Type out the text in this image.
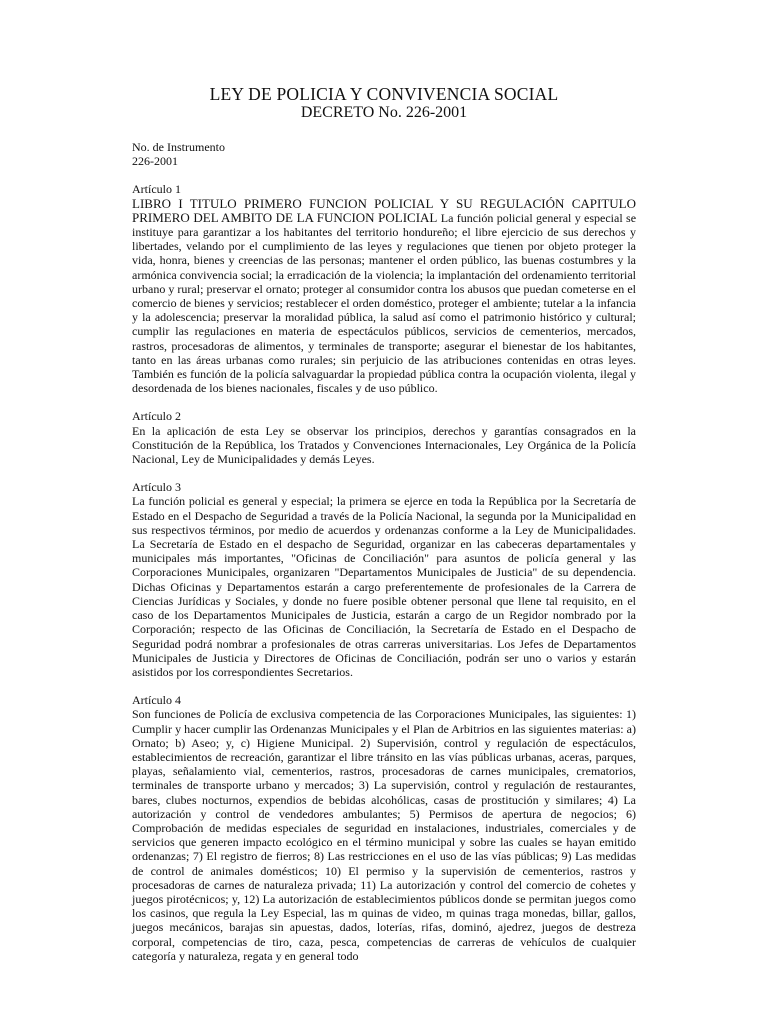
LEY DE POLICIA Y CONVIVENCIA SOCIAL
DECRETO No. 226-2001
No. de Instrumento
226-2001
Artículo 1
LIBRO I TITULO PRIMERO FUNCION POLICIAL Y SU REGULACIÓN CAPITULO PRIMERO DEL AMBITO DE LA FUNCION POLICIAL La función policial general y especial se instituye para garantizar a los habitantes del territorio hondureño; el libre ejercicio de sus derechos y libertades, velando por el cumplimiento de las leyes y regulaciones que tienen por objeto proteger la vida, honra, bienes y creencias de las personas; mantener el orden público, las buenas costumbres y la armónica convivencia social; la erradicación de la violencia; la implantación del ordenamiento territorial urbano y rural; preservar el ornato; proteger al consumidor contra los abusos que puedan cometerse en el comercio de bienes y servicios; restablecer el orden doméstico, proteger el ambiente; tutelar a la infancia y la adolescencia; preservar la moralidad pública, la salud así como el patrimonio histórico y cultural; cumplir las regulaciones en materia de espectáculos públicos, servicios de cementerios, mercados, rastros, procesadoras de alimentos, y terminales de transporte; asegurar el bienestar de los habitantes, tanto en las áreas urbanas como rurales; sin perjuicio de las atribuciones contenidas en otras leyes. También es función de la policía salvaguardar la propiedad pública contra la ocupación violenta, ilegal y desordenada de los bienes nacionales, fiscales y de uso público.
Artículo 2
En la aplicación de esta Ley se observar los principios, derechos y garantías consagrados en la Constitución de la República, los Tratados y Convenciones Internacionales, Ley Orgánica de la Policía Nacional, Ley de Municipalidades y demás Leyes.
Artículo 3
La función policial es general y especial; la primera se ejerce en toda la República por la Secretaría de Estado en el Despacho de Seguridad a través de la Policía Nacional, la segunda por la Municipalidad en sus respectivos términos, por medio de acuerdos y ordenanzas conforme a la Ley de Municipalidades. La Secretaría de Estado en el despacho de Seguridad, organizar en las cabeceras departamentales y municipales más importantes, "Oficinas de Conciliación" para asuntos de policía general y las Corporaciones Municipales, organizaren "Departamentos Municipales de Justicia" de su dependencia. Dichas Oficinas y Departamentos estarán a cargo preferentemente de profesionales de la Carrera de Ciencias Jurídicas y Sociales, y donde no fuere posible obtener personal que llene tal requisito, en el caso de los Departamentos Municipales de Justicia, estarán a cargo de un Regidor nombrado por la Corporación; respecto de las Oficinas de Conciliación, la Secretaría de Estado en el Despacho de Seguridad podrá nombrar a profesionales de otras carreras universitarias. Los Jefes de Departamentos Municipales de Justicia y Directores de Oficinas de Conciliación, podrán ser uno o varios y estarán asistidos por los correspondientes Secretarios.
Artículo 4
Son funciones de Policía de exclusiva competencia de las Corporaciones Municipales, las siguientes: 1) Cumplir y hacer cumplir las Ordenanzas Municipales y el Plan de Arbitrios en las siguientes materias: a) Ornato; b) Aseo; y, c) Higiene Municipal. 2) Supervisión, control y regulación de espectáculos, establecimientos de recreación, garantizar el libre tránsito en las vías públicas urbanas, aceras, parques, playas, señalamiento vial, cementerios, rastros, procesadoras de carnes municipales, crematorios, terminales de transporte urbano y mercados; 3) La supervisión, control y regulación de restaurantes, bares, clubes nocturnos, expendios de bebidas alcohólicas, casas de prostitución y similares; 4) La autorización y control de vendedores ambulantes; 5) Permisos de apertura de negocios; 6) Comprobación de medidas especiales de seguridad en instalaciones, industriales, comerciales y de servicios que generen impacto ecológico en el término municipal y sobre las cuales se hayan emitido ordenanzas; 7) El registro de fierros; 8) Las restricciones en el uso de las vías públicas; 9) Las medidas de control de animales domésticos; 10) El permiso y la supervisión de cementerios, rastros y procesadoras de carnes de naturaleza privada; 11) La autorización y control del comercio de cohetes y juegos pirotécnicos; y, 12) La autorización de establecimientos públicos donde se permitan juegos como los casinos, que regula la Ley Especial, las m quinas de video, m quinas traga monedas, billar, gallos, juegos mecánicos, barajas sin apuestas, dados, loterías, rifas, dominó, ajedrez, juegos de destreza corporal, competencias de tiro, caza, pesca, competencias de carreras de vehículos de cualquier categoría y naturaleza, regata y en general todo
